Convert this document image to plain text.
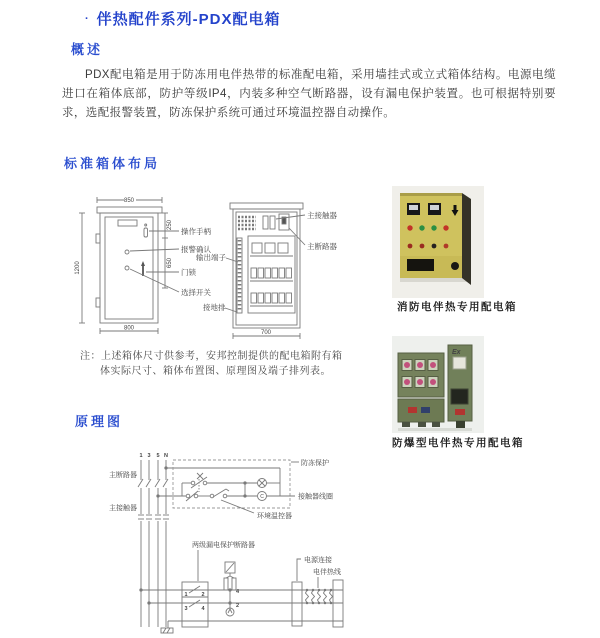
· 伴热配件系列-PDX配电箱
概述
PDX配电箱是用于防冻用电伴热带的标准配电箱，采用墙挂式或立式箱体结构。电源电缆进口在箱体底部，防护等级IP4，内装多种空气断路器，设有漏电保护装置。也可根据特别要求，选配报警装置，防冻保护系统可通过环境温控器自动操作。
标准箱体布局
850
1200
800
250
650
操作手柄
报警确认
门锁
选择开关
主接触器
主断路器
输出端子
接地排
700
注：上述箱体尺寸供参考，安邦控制提供的配电箱附有箱
体实际尺寸、箱体布置图、原理图及端子排列表。
消防电伴热专用配电箱
Ex
防爆型电伴热专用配电箱
原理图
1 3 5 N
主断路器
主接触器
防冻保护
接触器线圈
环境温控器
两级漏电保护断路器
电源连接
电伴热线
1	2
3	4
4
2
C
